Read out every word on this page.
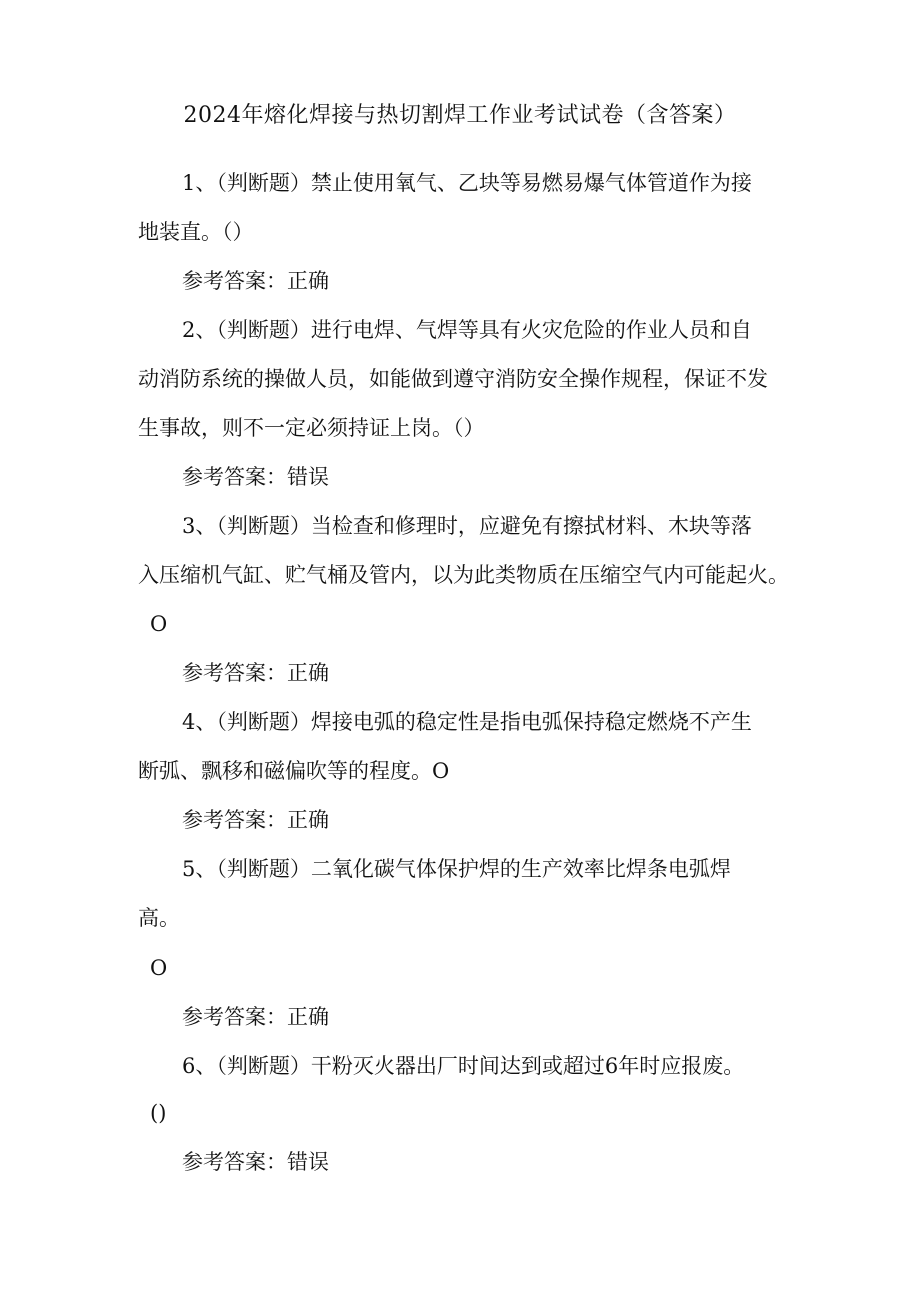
2024年熔化焊接与热切割焊工作业考试试卷（含答案）
1、（判断题）禁止使用氧气、乙块等易燃易爆气体管道作为接
地装直。（）
参考答案：正确
2、（判断题）进行电焊、气焊等具有火灾危险的作业人员和自
动消防系统的操做人员，如能做到遵守消防安全操作规程，保证不发
生事故，则不一定必须持证上岗。（）
参考答案：错误
3、（判断题）当检查和修理时，应避免有擦拭材料、木块等落
入压缩机气缸、贮气桶及管内，以为此类物质在压缩空气内可能起火。
O
参考答案：正确
4、（判断题）焊接电弧的稳定性是指电弧保持稳定燃烧不产生
断弧、飘移和磁偏吹等的程度。O
参考答案：正确
5、（判断题）二氧化碳气体保护焊的生产效率比焊条电弧焊
高。
O
参考答案：正确
6、（判断题）干粉灭火器出厂时间达到或超过6年时应报废。
()
参考答案：错误
